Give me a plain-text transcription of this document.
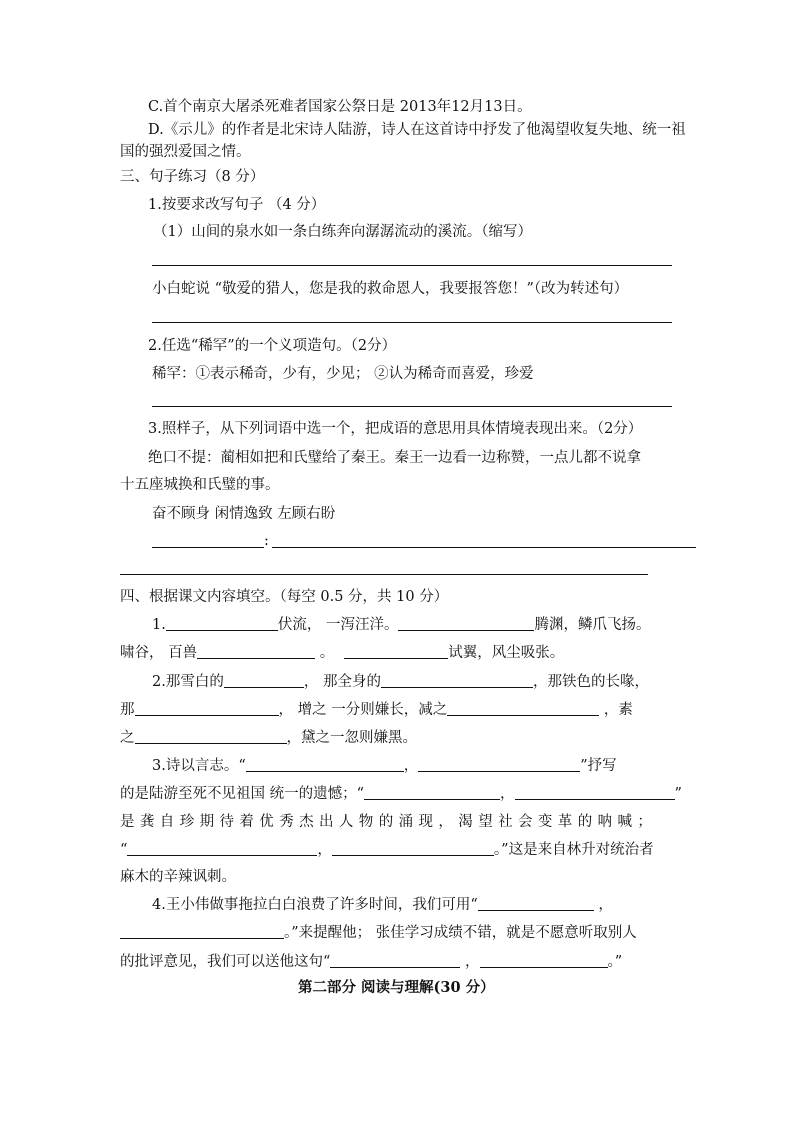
C.首个南京大屠杀死难者国家公祭日是 2013年12月13日。
D.《示儿》的作者是北宋诗人陆游，诗人在这首诗中抒发了他渴望收复失地、统一祖
国的强烈爱国之情。
三、句子练习（8 分）
1.按要求改写句子 （4 分）
（1）山间的泉水如一条白练奔向潺潺流动的溪流。（缩写）
小白蛇说 “敬爱的猎人，您是我的救命恩人，我要报答您！”（改为转述句）
2.任选“稀罕”的一个义项造句。（2分）
稀罕：①表示稀奇，少有，少见； ②认为稀奇而喜爱，珍爱
3.照样子，从下列词语中选一个，把成语的意思用具体情境表现出来。（2分）
绝口不提：蔺相如把和氏璧给了秦王。秦王一边看一边称赞，一点儿都不说拿
十五座城换和氏璧的事。
奋不顾身 闲情逸致 左顾右盼
:
四、根据课文内容填空。（每空 0.5 分，共 10 分）
1.	伏流， 一泻汪洋。	腾渊，鳞爪飞扬。
啸谷， 百兽	。	试翼，风尘吸张。
2.那雪白的	， 那全身的	，那铁色的长喙，
那	， 增之 一分则嫌长，减之	，素
之	，黛之一忽则嫌黑。
3.诗以言志。“	，	”抒写
的是陆游至死不见祖国 统一的遗憾；“	，	”
是龚自珍期待着优秀杰出人物的涌现，渴望社会变革的呐喊；
“	，	。”这是来自林升对统治者
麻木的辛辣讽刺。
4.王小伟做事拖拉白白浪费了许多时间，我们可用“	，
。”来提醒他； 张佳学习成绩不错，就是不愿意听取别人
的批评意见，我们可以送他这句“	，	。”
第二部分 阅读与理解(30 分）
